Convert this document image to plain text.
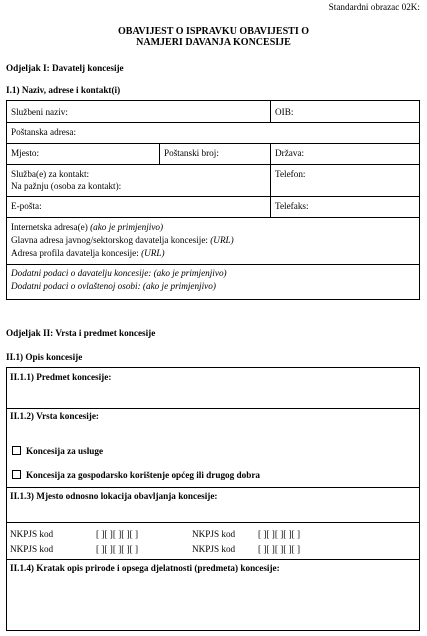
Standardni obrazac 02K:
OBAVIJEST O ISPRAVKU OBAVIJESTI O
NAMJERI DAVANJA KONCESIJE
Odjeljak I: Davatelj koncesije
I.1) Naziv, adrese i kontakt(i)
Službeni naziv:	OIB:
Poštanska adresa:
Mjesto:	Poštanski broj:	Država:
Služba(e) za kontakt:
Na pažnju (osoba za kontakt):
Telefon:
E-pošta:	Telefaks:
Internetska adresa(e) (ako je primjenjivo)
Glavna adresa javnog/sektorskog davatelja koncesije: (URL)
Adresa profila davatelja koncesije: (URL)
Dodatni podaci o davatelju koncesije: (ako je primjenjivo)
Dodatni podaci o ovlaštenoj osobi: (ako je primjenjivo)
Odjeljak II: Vrsta i predmet koncesije
II.1) Opis koncesije
II.1.1) Predmet koncesije:
II.1.2) Vrsta koncesije:
Koncesija za usluge
Koncesija za gospodarsko korištenje općeg ili drugog dobra
II.1.3) Mjesto odnosno lokacija obavljanja koncesije:
NKPJS kod	[ ][ ][ ][ ][ ]	NKPJS kod [ ][ ][ ][ ][ ]
NKPJS kod	[ ][ ][ ][ ][ ]	NKPJS kod [ ][ ][ ][ ][ ]
II.1.4) Kratak opis prirode i opsega djelatnosti (predmeta) koncesije:
